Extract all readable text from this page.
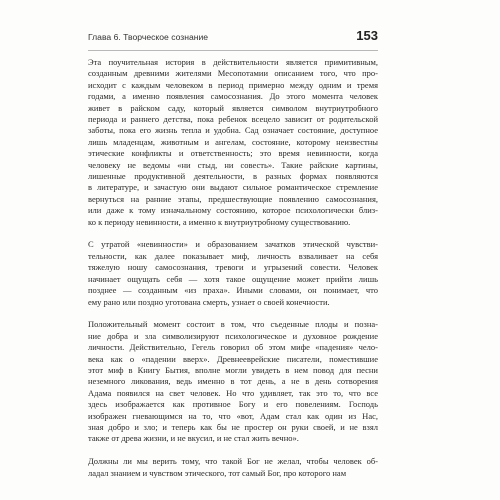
Глава 6. Творческое сознание	153
Эта поучительная история в действительности является примитивным,
созданным древними жителями Месопотамии описанием того, что про-
исходит с каждым человеком в период примерно между одним и тремя
годами, а именно появления самосознания. До этого момента человек
живет в райском саду, который является символом внутриутробного
периода и раннего детства, пока ребенок всецело зависит от родительской
заботы, пока его жизнь тепла и удобна. Сад означает состояние, доступное
лишь младенцам, животным и ангелам, состояние, которому неизвестны
этические конфликты и ответственность; это время невинности, когда
человеку не ведомы «ни стыд, ни совесть». Такие райские картины,
лишенные продуктивной деятельности, в разных формах появляются
в литературе, и зачастую они выдают сильное романтическое стремление
вернуться на ранние этапы, предшествующие появлению самосознания,
или даже к тому изначальному состоянию, которое психологически близ-
ко к периоду невинности, а именно к внутриутробному существованию.
С утратой «невинности» и образованием зачатков этической чувстви-
тельности, как далее показывает миф, личность взваливает на себя
тяжелую ношу самосознания, тревоги и угрызений совести. Человек
начинает ощущать себя — хотя такое ощущение может прийти лишь
позднее — созданным «из праха». Иными словами, он понимает, что
ему рано или поздно уготована смерть, узнает о своей конечности.
Положительный момент состоит в том, что съеденные плоды и позна-
ние добра и зла символизируют психологическое и духовное рождение
личности. Действительно, Гегель говорил об этом мифе «падения» чело-
века как о «падении вверх». Древнееврейские писатели, поместившие
этот миф в Книгу Бытия, вполне могли увидеть в нем повод для песни
неземного ликования, ведь именно в тот день, а не в день сотворения
Адама появился на свет человек. Но что удивляет, так это то, что все
здесь изображается как противное Богу и его повелениям. Господь
изображен гневающимся на то, что «вот, Адам стал как один из Нас,
зная добро и зло; и теперь как бы не простер он руки своей, и не взял
также от древа жизни, и не вкусил, и не стал жить вечно».
Должны ли мы верить тому, что такой Бог не желал, чтобы человек об-
ладал знанием и чувством этического, тот самый Бог, про которого нам
